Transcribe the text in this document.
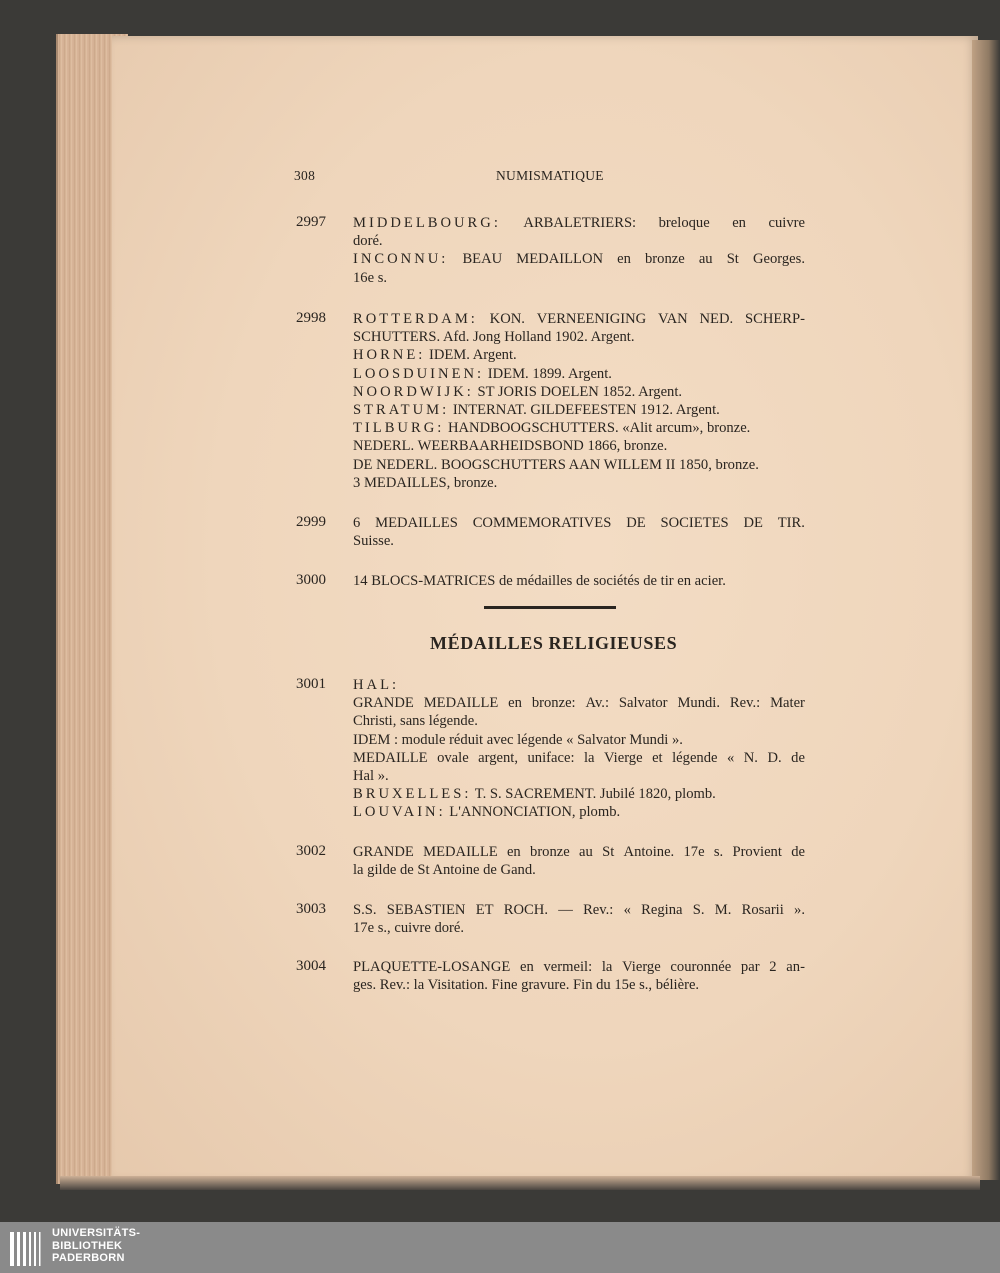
308	NUMISMATIQUE
2997 MIDDELBOURG: ARBALETRIERS: breloque en cuivre
doré.
INCONNU: BEAU MEDAILLON en bronze au St Georges.
16e s.
2998 ROTTERDAM: KON. VERNEENIGING VAN NED. SCHERP-
SCHUTTERS. Afd. Jong Holland 1902. Argent.
HORNE: IDEM. Argent.
LOOSDUINEN: IDEM. 1899. Argent.
NOORDWIJK: ST JORIS DOELEN 1852. Argent.
STRATUM: INTERNAT. GILDEFEESTEN 1912. Argent.
TILBURG: HANDBOOGSCHUTTERS. «Alit arcum», bronze.
NEDERL. WEERBAARHEIDSBOND 1866, bronze.
DE NEDERL. BOOGSCHUTTERS AAN WILLEM II 1850, bronze.
3 MEDAILLES, bronze.
2999 6 MEDAILLES COMMEMORATIVES DE SOCIETES DE TIR.
Suisse.
3000 14 BLOCS-MATRICES de médailles de sociétés de tir en acier.
MÉDAILLES RELIGIEUSES
3001 HAL:
GRANDE MEDAILLE en bronze: Av.: Salvator Mundi. Rev.: Mater
Christi, sans légende.
IDEM : module réduit avec légende « Salvator Mundi ».
MEDAILLE ovale argent, uniface: la Vierge et légende « N. D. de
Hal ».
BRUXELLES: T. S. SACREMENT. Jubilé 1820, plomb.
LOUVAIN: L'ANNONCIATION, plomb.
3002 GRANDE MEDAILLE en bronze au St Antoine. 17e s. Provient de
la gilde de St Antoine de Gand.
3003 S.S. SEBASTIEN ET ROCH. — Rev.: « Regina S. M. Rosarii ».
17e s., cuivre doré.
3004 PLAQUETTE-LOSANGE en vermeil: la Vierge couronnée par 2 an-
ges. Rev.: la Visitation. Fine gravure. Fin du 15e s., bélière.
UNIVERSITÄTS-
BIBLIOTHEK
PADERBORN
